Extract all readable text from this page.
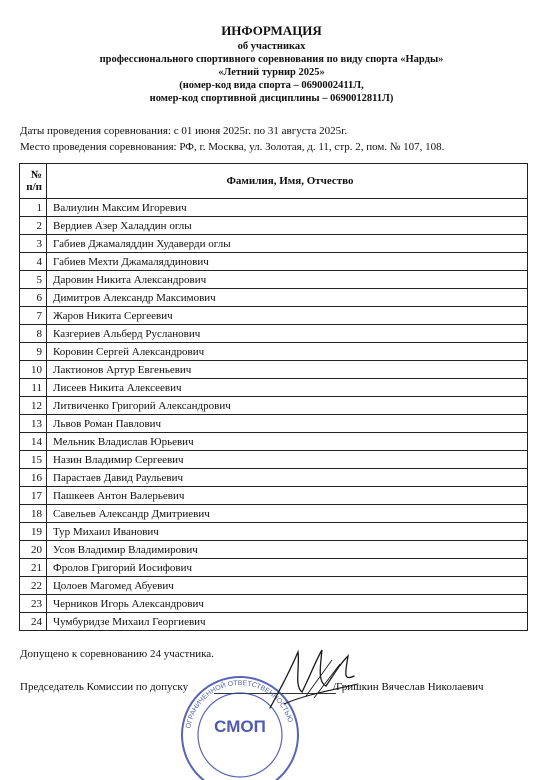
ИНФОРМАЦИЯ
об участниках
профессионального спортивного соревнования по виду спорта «Нарды»
«Летний турнир 2025»
(номер-код вида спорта – 0690002411Л,
номер-код спортивной дисциплины – 0690012811Л)
Даты проведения соревнования: с 01 июня 2025г. по 31 августа 2025г.
Место проведения соревнования: РФ, г. Москва, ул. Золотая, д. 11, стр. 2, пом. № 107, 108.
№
п/п	Фамилия, Имя, Отчество
1	Валиулин Максим Игоревич
2	Вердиев Азер Халаддин оглы
3	Габиев Джамаляддин Худаверди оглы
4	Габиев Мехти Джамаляддинович
5	Даровин Никита Александрович
6	Димитров Александр Максимович
7	Жаров Никита Сергеевич
8	Казгериев Альберд Русланович
9	Коровин Сергей Александрович
10	Лактионов Артур Евгеньевич
11	Лисеев Никита Алексеевич
12	Литвиченко Григорий Александрович
13	Львов Роман Павлович
14	Мельник Владислав Юрьевич
15	Назин Владимир Сергеевич
16	Парастаев Давид Раульевич
17	Пашкеев Антон Валерьевич
18	Савельев Александр Дмитриевич
19	Тур Михаил Иванович
20	Усов Владимир Владимирович
21	Фролов Григорий Иосифович
22	Цолоев Магомед Абуевич
23	Черников Игорь Александрович
24	Чумбуридзе Михаил Георгиевич
Допущено к соревнованию 24 участника.
Председатель Комиссии по допуску	/Гришкин Вячеслав Николаевич
ОГРАНИЧЕННОЙ ОТВЕТСТВЕННОСТЬЮ
СМОП
